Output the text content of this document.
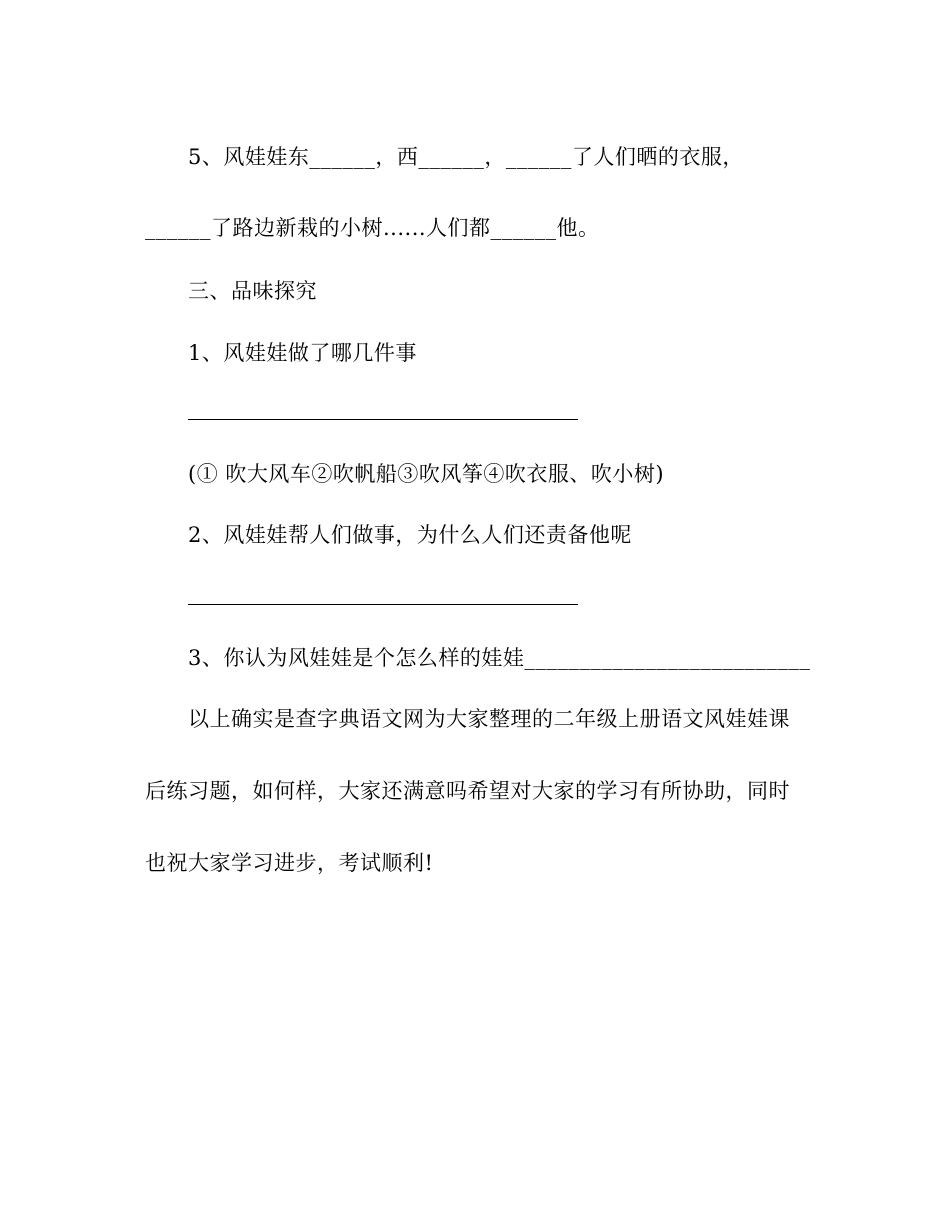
5、风娃娃东______，西______，______了人们晒的衣服，
______了路边新栽的小树......人们都______他。
三、品味探究
1、风娃娃做了哪几件事
(① 吹大风车②吹帆船③吹风筝④吹衣服、吹小树)
2、风娃娃帮人们做事，为什么人们还责备他呢
3、你认为风娃娃是个怎么样的娃娃__________________________
以上确实是查字典语文网为大家整理的二年级上册语文风娃娃课
后练习题，如何样，大家还满意吗希望对大家的学习有所协助，同时
也祝大家学习进步，考试顺利!
